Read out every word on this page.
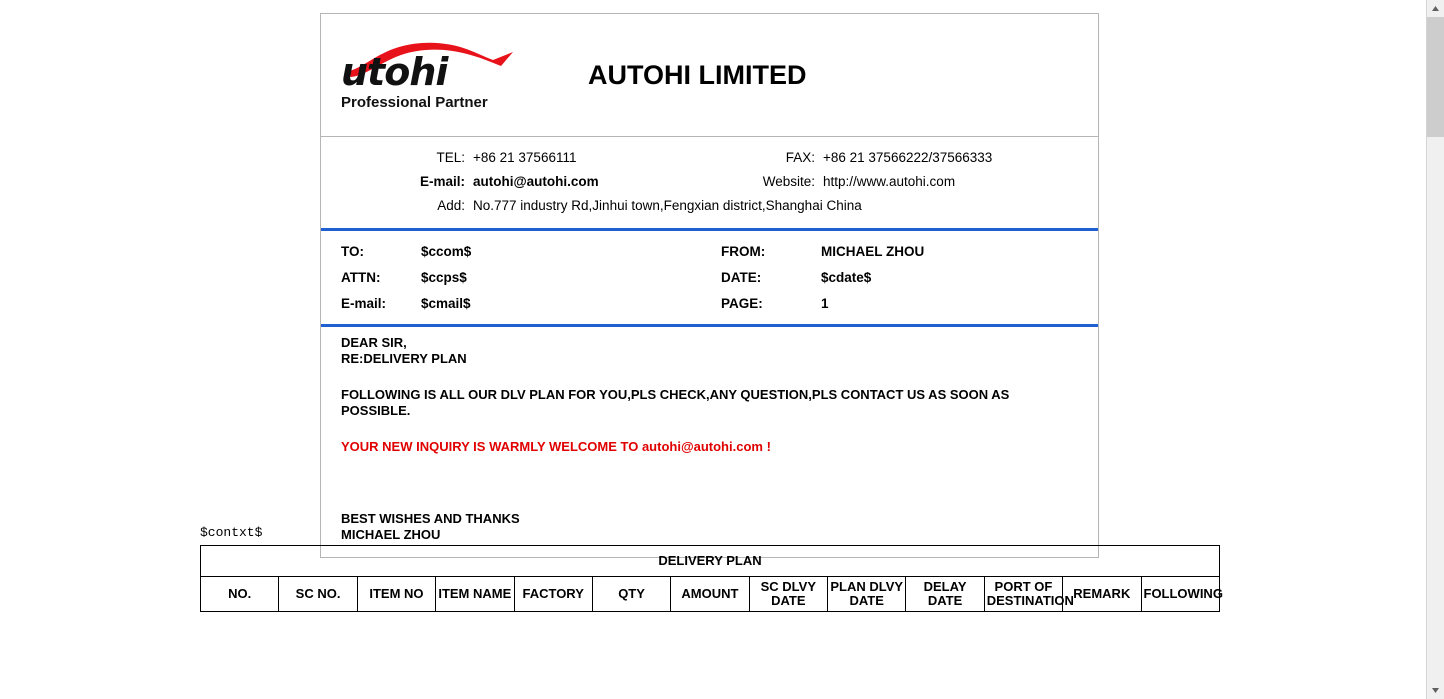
utohi
Professional Partner
AUTOHI LIMITED
TEL: +86 21 37566111	FAX: +86 21 37566222/37566333
E-mail: autohi@autohi.com	Website: http://www.autohi.com
Add: No.777 industry Rd,Jinhui town,Fengxian district,Shanghai China
TO:	$ccom$	FROM:	MICHAEL ZHOU
ATTN:	$ccps$	DATE:	$cdate$
E-mail:	$cmail$	PAGE:	1

DEAR SIR,

RE:DELIVERY PLAN

FOLLOWING IS ALL OUR DLV PLAN FOR YOU,PLS CHECK,ANY QUESTION,PLS CONTACT US AS SOON AS POSSIBLE.

YOUR NEW INQUIRY IS WARMLY WELCOME TO autohi@autohi.com !

BEST WISHES AND THANKS

MICHAEL ZHOU

$contxt$
DELIVERY PLAN
NO.	SC NO.	ITEM NO	ITEM NAME	FACTORY	QTY	AMOUNT	SC DLVY DATE	PLAN DLVY DATE	DELAY DATE	PORT OF DESTINATION	REMARK	FOLLOWING
